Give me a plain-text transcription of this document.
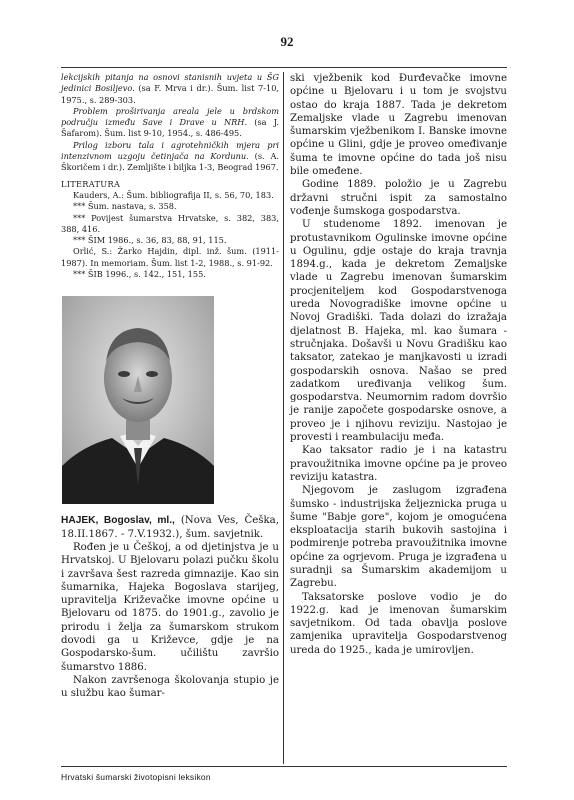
92

lekcijskih pitanja na osnovi stanisnih uvjeta u ŠG jedinici Bosiljevo. (sa F. Mrva i dr.). Šum. list 7-10, 1975., s. 289-303.

Problem proširivanja areala jele u brdskom području između Save i Drave u NRH. (sa J. Šafarom). Šum. list 9-10, 1954., s. 486-495.

Prilog izboru tala i agrotehničkih mjera pri intenzivnom uzgoju četinjača na Kordunu. (s. A. Škoričem i dr.). Zemljište i biljka 1-3, Beograd 1967.

LITERATURA

Kauders, A.: Šum. bibliografija II, s. 56, 70, 183.

*** Šum. nastava, s. 358.

*** Povijest šumarstva Hrvatske, s. 382, 383, 388, 416.

*** ŠIM 1986., s. 36, 83, 88, 91, 115.

Orlić, S.: Žarko Hajdin, dipl. inž. šum. (1911-1987). In memoriam. Šum. list 1-2, 1988., s. 91-92.

*** ŠIB 1996., s. 142., 151, 155.

HAJEK, Bogoslav, ml., (Nova Ves, Češka, 18.II.1867. - 7.V.1932.), šum. savjetnik.

Rođen je u Češkoj, a od djetinjstva je u Hrvatskoj. U Bjelovaru polazi pučku školu i završava šest razreda gimnazije. Kao sin šumarnika, Hajeka Bogoslava starijeg, upravitelja Križevačke imovne općine u Bjelovaru od 1875. do 1901.g., zavolio je prirodu i želja za šumarskom strukom dovodi ga u Križevce, gdje je na Gospodarsko-šum. učilištu završio šumarstvo 1886.

Nakon završenoga školovanja stupio je u službu kao šumar-

ski vježbenik kod Đurđevačke imovne općine u Bjelovaru i u tom je svojstvu ostao do kraja 1887. Tada je dekretom Zemaljske vlade u Zagrebu imenovan šumarskim vježbenikom I. Banske imovne općine u Glini, gdje je proveo omeđivanje šuma te imovne općine do tada još nisu bile omeđene.

Godine 1889. položio je u Zagrebu državni stručni ispit za samostalno vođenje šumskoga gospodarstva.

U studenome 1892. imenovan je protustavnikom Ogulinske imovne općine u Ogulinu, gdje ostaje do kraja travnja 1894.g., kada je dekretom Zemaljske vlade u Zagrebu imenovan šumarskim procjeniteljem kod Gospodarstvenoga ureda Novogradiške imovne općine u Novoj Gradiški. Tada dolazi do izražaja djelatnost B. Hajeka, ml. kao šumara - stručnjaka. Došavši u Novu Gradišku kao taksator, zatekao je manjkavosti u izradi gospodarskih osnova. Našao se pred zadatkom uređivanja velikog šum. gospodarstva. Neumornim radom dovršio je ranije započete gospodarske osnove, a proveo je i njihovu reviziju. Nastojao je provesti i reambulaciju međa.

Kao taksator radio je i na katastru pravoužitnika imovne općine pa je proveo reviziju katastra.

Njegovom je zaslugom izgrađena šumsko - industrijska željeznicka pruga u šume "Babje gore", kojom je omogućena eksploatacija starih bukovih sastojina i podmirenje potreba pravoužitnika imovne općine za ogrjevom. Pruga je izgrađena u suradnji sa Šumarskim akademijom u Zagrebu.

Taksatorske poslove vodio je do 1922.g. kad je imenovan šumarskim savjetnikom. Od tada obavlja poslove zamjenika upravitelja Gospodarstvenog ureda do 1925., kada je umirovljen.

Hrvatski šumarski životopisni leksikon
